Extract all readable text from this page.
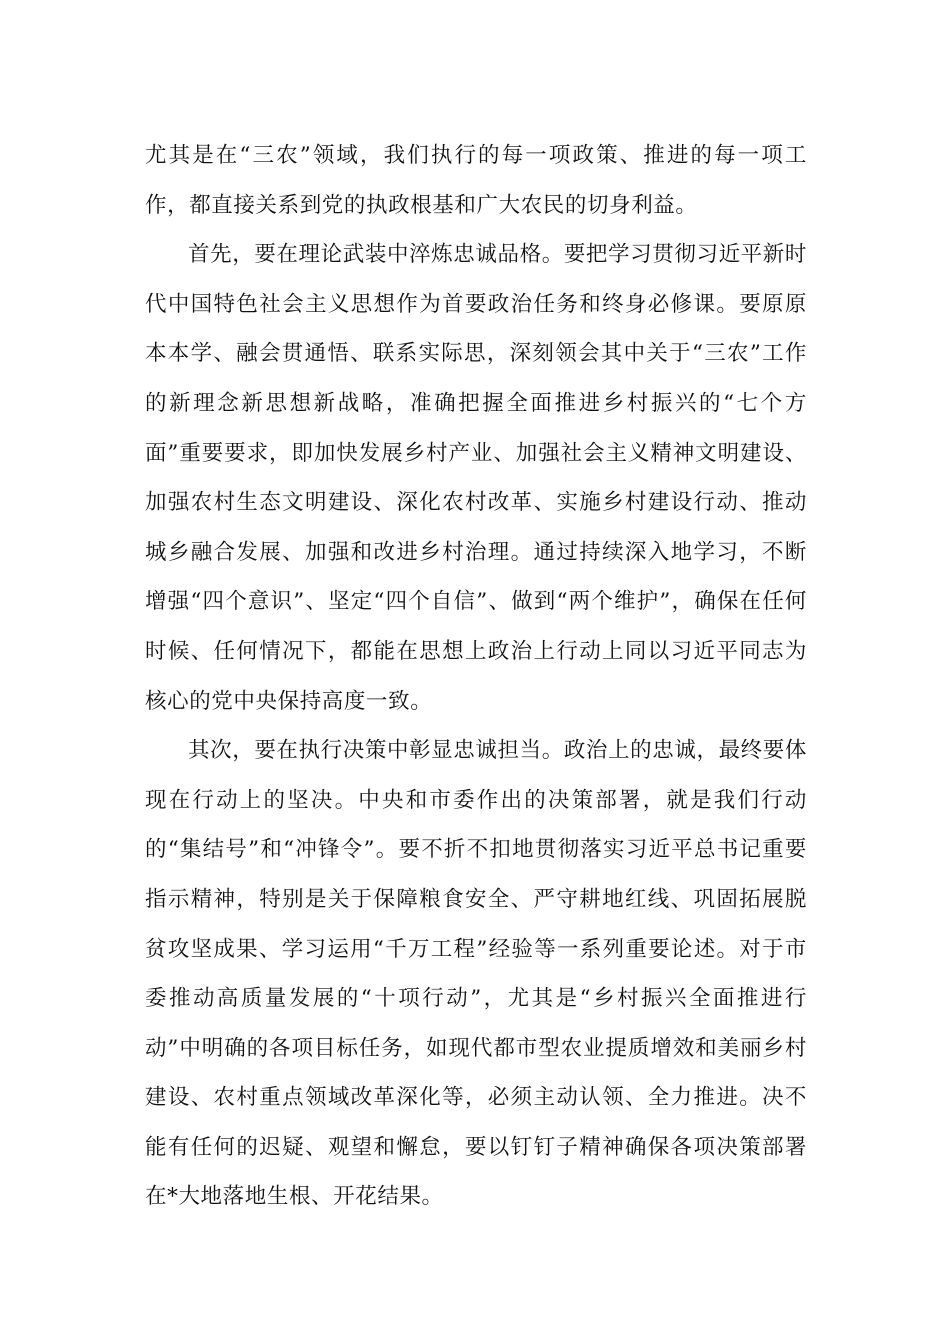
尤其是在“三农”领域，我们执行的每一项政策、推进的每一项工作，都直接关系到党的执政根基和广大农民的切身利益。

首先，要在理论武装中淬炼忠诚品格。要把学习贯彻习近平新时代中国特色社会主义思想作为首要政治任务和终身必修课。要原原本本学、融会贯通悟、联系实际思，深刻领会其中关于“三农”工作的新理念新思想新战略，准确把握全面推进乡村振兴的“七个方面”重要要求，即加快发展乡村产业、加强社会主义精神文明建设、加强农村生态文明建设、深化农村改革、实施乡村建设行动、推动城乡融合发展、加强和改进乡村治理。通过持续深入地学习，不断增强“四个意识”、坚定“四个自信”、做到“两个维护”，确保在任何时候、任何情况下，都能在思想上政治上行动上同以习近平同志为核心的党中央保持高度一致。

其次，要在执行决策中彰显忠诚担当。政治上的忠诚，最终要体现在行动上的坚决。中央和市委作出的决策部署，就是我们行动的“集结号”和“冲锋令”。要不折不扣地贯彻落实习近平总书记重要指示精神，特别是关于保障粮食安全、严守耕地红线、巩固拓展脱贫攻坚成果、学习运用“千万工程”经验等一系列重要论述。对于市委推动高质量发展的“十项行动”，尤其是“乡村振兴全面推进行动”中明确的各项目标任务，如现代都市型农业提质增效和美丽乡村建设、农村重点领域改革深化等，必须主动认领、全力推进。决不能有任何的迟疑、观望和懈怠，要以钉钉子精神确保各项决策部署在*大地落地生根、开花结果。
